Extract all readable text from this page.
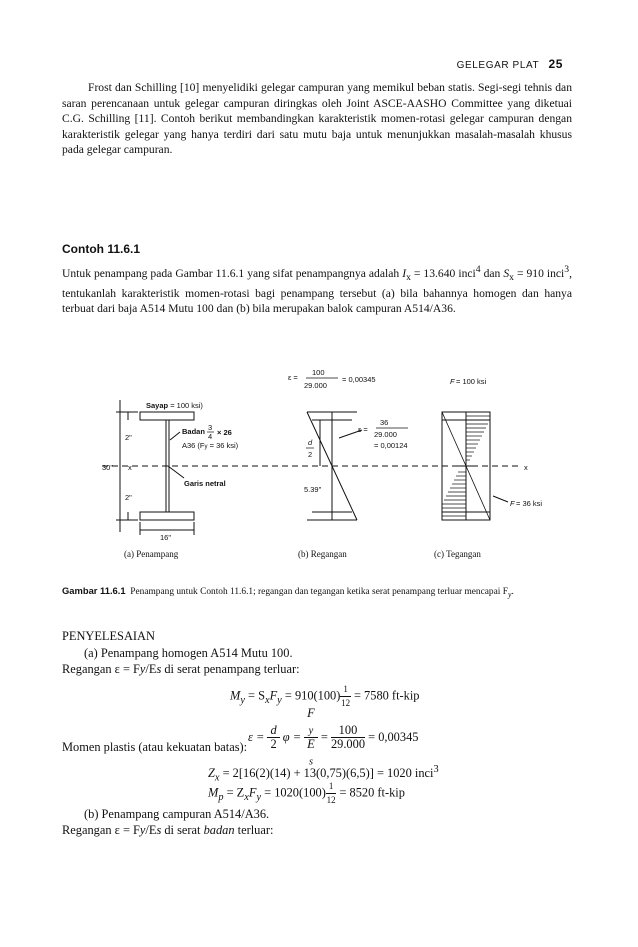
GELEGAR PLAT 25

Frost dan Schilling [10] menyelidiki gelegar campuran yang memikul beban statis. Segi-segi tehnis dan saran perencanaan untuk gelegar campuran diringkas oleh Joint ASCE-AASHO Committee yang diketuai C.G. Schilling [11]. Contoh berikut membandingkan karakteristik momen-rotasi gelegar campuran dengan karakteristik gelegar yang hanya terdiri dari satu mutu baja untuk menunjukkan masalah-masalah khusus pada gelegar campuran.

Contoh 11.6.1
Untuk penampang pada Gambar 11.6.1 yang sifat penampangnya adalah $I_x = 13.640$ inci$^4$ dan $S_x = 910$ inci$^3$, tentukanlah karakteristik momen-rotasi bagi penampang tersebut (a) bila bahannya homogen dan hanya terbuat dari baja A514 Mutu 100 dan (b) bila merupakan balok campuran A514/A36.
ε =
100
29.000
= 0,00345	F = 100 ksi
Sayap = 100 ksi)
Badan 3
4 × 26
A36 (Fy = 36 ksi)
Garis netral
2"
30"
2"
16"
x	x
d
2
ε =
36
29.000
= 0,00124
5.39"
F = 36 ksi
(a) Penampang	(b) Regangan	(c) Tegangan
Gambar 11.6.1 Penampang untuk Contoh 11.6.1; regangan dan tegangan ketika serat penampang terluar mencapai $F_y$.
PENYELESAIAN
(a) Penampang homogen A514 Mutu 100.
Regangan ε = Fy/Es di serat penampang terluar:
$M_y = S_xF_y = 910(100) \frac{1}{12} = 7580$ ft-kip
$\varepsilon = \frac{d}{2}$ φ = F
$_y$
E
$_s = \frac{100}{29.000} = 0,00345$
Momen plastis (atau kekuatan batas):
$Z_x = 2[16(2)(14) + 13(0,75)(6,5)] = 1020$ inci$^3$
$M_p = Z_xF_y = 1020(100) \frac{1}{12} = 8520$ ft-kip
(b) Penampang campuran A514/A36.
Regangan ε = Fy/Es di serat badan terluar:
